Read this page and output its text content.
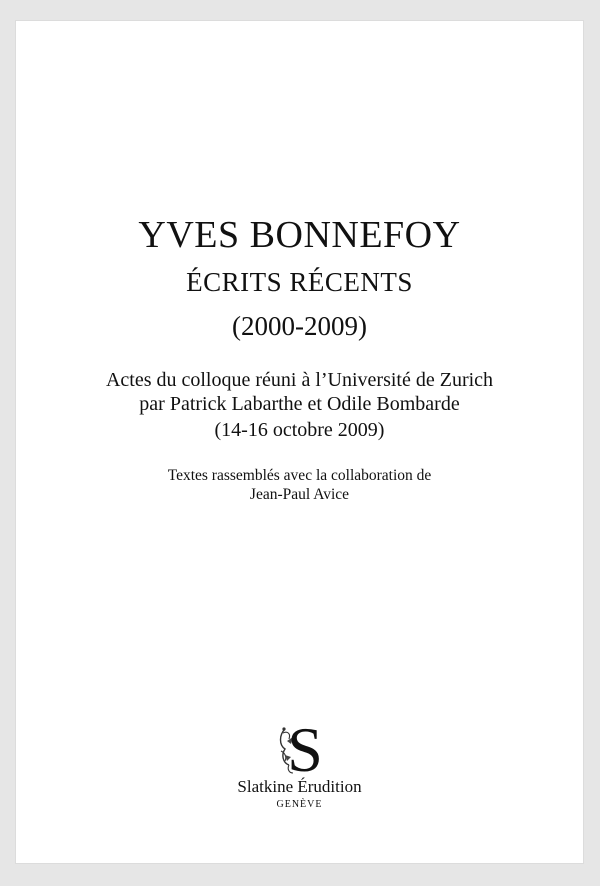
YVES BONNEFOY
ÉCRITS RÉCENTS
(2000-2009)
Actes du colloque réuni à l’Université de Zurich
par Patrick Labarthe et Odile Bombarde
(14-16 octobre 2009)
Textes rassemblés avec la collaboration de
Jean-Paul Avice
S
Slatkine Érudition
GENÈVE
